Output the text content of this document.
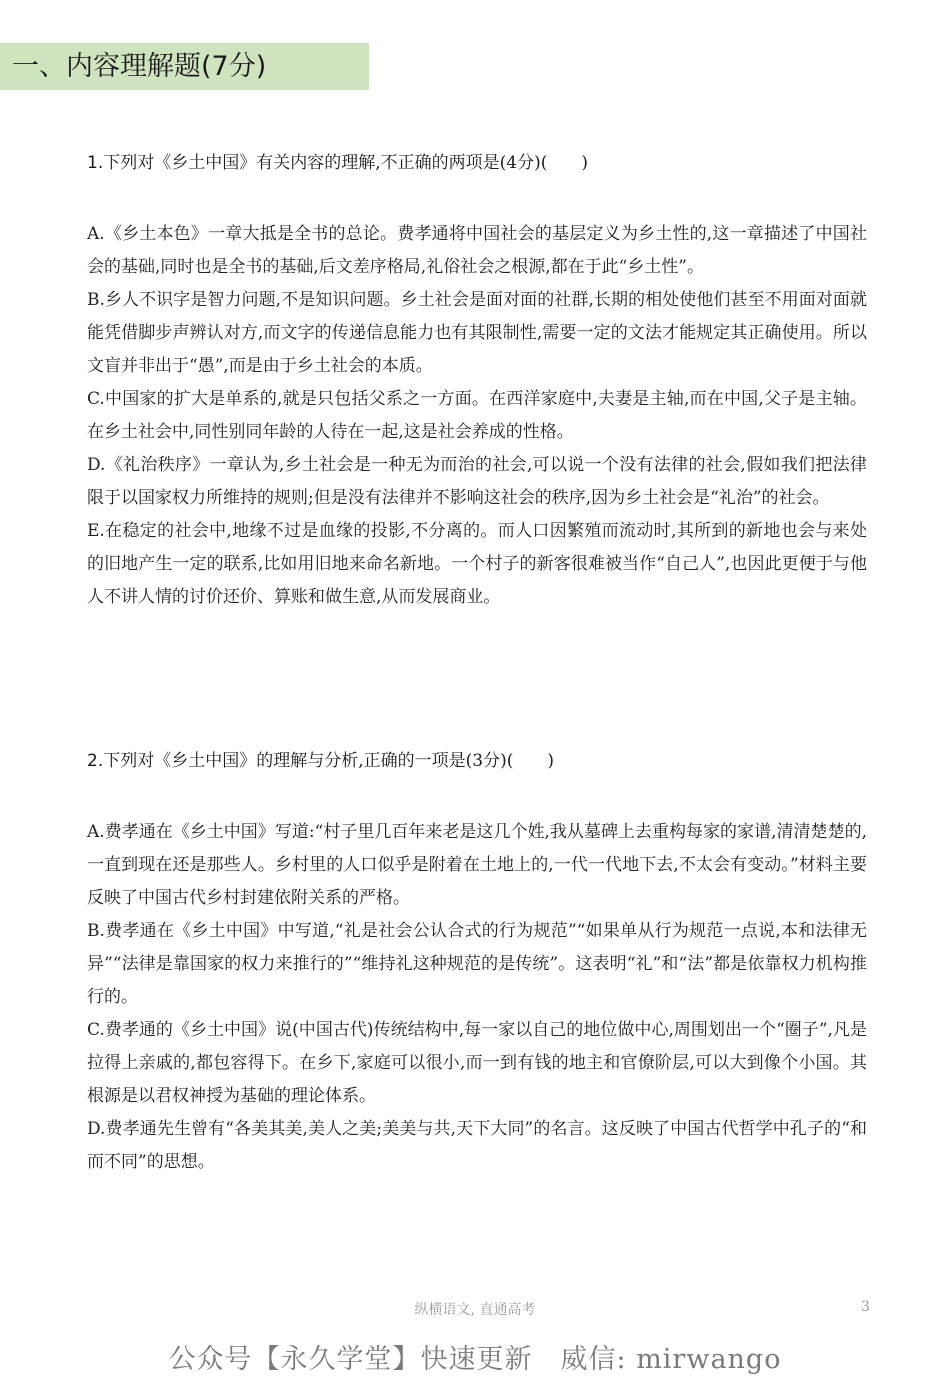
一、内容理解题(7分)

1.下列对《乡土中国》有关内容的理解,不正确的两项是(4分)(　　)

A.《乡土本色》一章大抵是全书的总论。费孝通将中国社会的基层定义为乡土性的,这一章描述了中国社会的基础,同时也是全书的基础,后文差序格局,礼俗社会之根源,都在于此“乡土性”。

B.乡人不识字是智力问题,不是知识问题。乡土社会是面对面的社群,长期的相处使他们甚至不用面对面就能凭借脚步声辨认对方,而文字的传递信息能力也有其限制性,需要一定的文法才能规定其正确使用。所以文盲并非出于“愚”,而是由于乡土社会的本质。

C.中国家的扩大是单系的,就是只包括父系之一方面。在西洋家庭中,夫妻是主轴,而在中国,父子是主轴。在乡土社会中,同性别同年龄的人待在一起,这是社会养成的性格。

D.《礼治秩序》一章认为,乡土社会是一种无为而治的社会,可以说一个没有法律的社会,假如我们把法律限于以国家权力所维持的规则;但是没有法律并不影响这社会的秩序,因为乡土社会是“礼治”的社会。

E.在稳定的社会中,地缘不过是血缘的投影,不分离的。而人口因繁殖而流动时,其所到的新地也会与来处的旧地产生一定的联系,比如用旧地来命名新地。一个村子的新客很难被当作“自己人”,也因此更便于与他人不讲人情的讨价还价、算账和做生意,从而发展商业。

2.下列对《乡土中国》的理解与分析,正确的一项是(3分)(　　)

A.费孝通在《乡土中国》写道:“村子里几百年来老是这几个姓,我从墓碑上去重构每家的家谱,清清楚楚的,一直到现在还是那些人。乡村里的人口似乎是附着在土地上的,一代一代地下去,不太会有变动。”材料主要反映了中国古代乡村封建依附关系的严格。

B.费孝通在《乡土中国》中写道,“礼是社会公认合式的行为规范”“如果单从行为规范一点说,本和法律无异”“法律是靠国家的权力来推行的”“维持礼这种规范的是传统”。这表明“礼”和“法”都是依靠权力机构推行的。

C.费孝通的《乡土中国》说(中国古代)传统结构中,每一家以自己的地位做中心,周围划出一个“圈子”,凡是拉得上亲戚的,都包容得下。在乡下,家庭可以很小,而一到有钱的地主和官僚阶层,可以大到像个小国。其根源是以君权神授为基础的理论体系。

D.费孝通先生曾有“各美其美,美人之美;美美与共,天下大同”的名言。这反映了中国古代哲学中孔子的“和而不同”的思想。

纵横语文, 直通高考	3
公众号【永久学堂】快速更新　威信: mirwango
